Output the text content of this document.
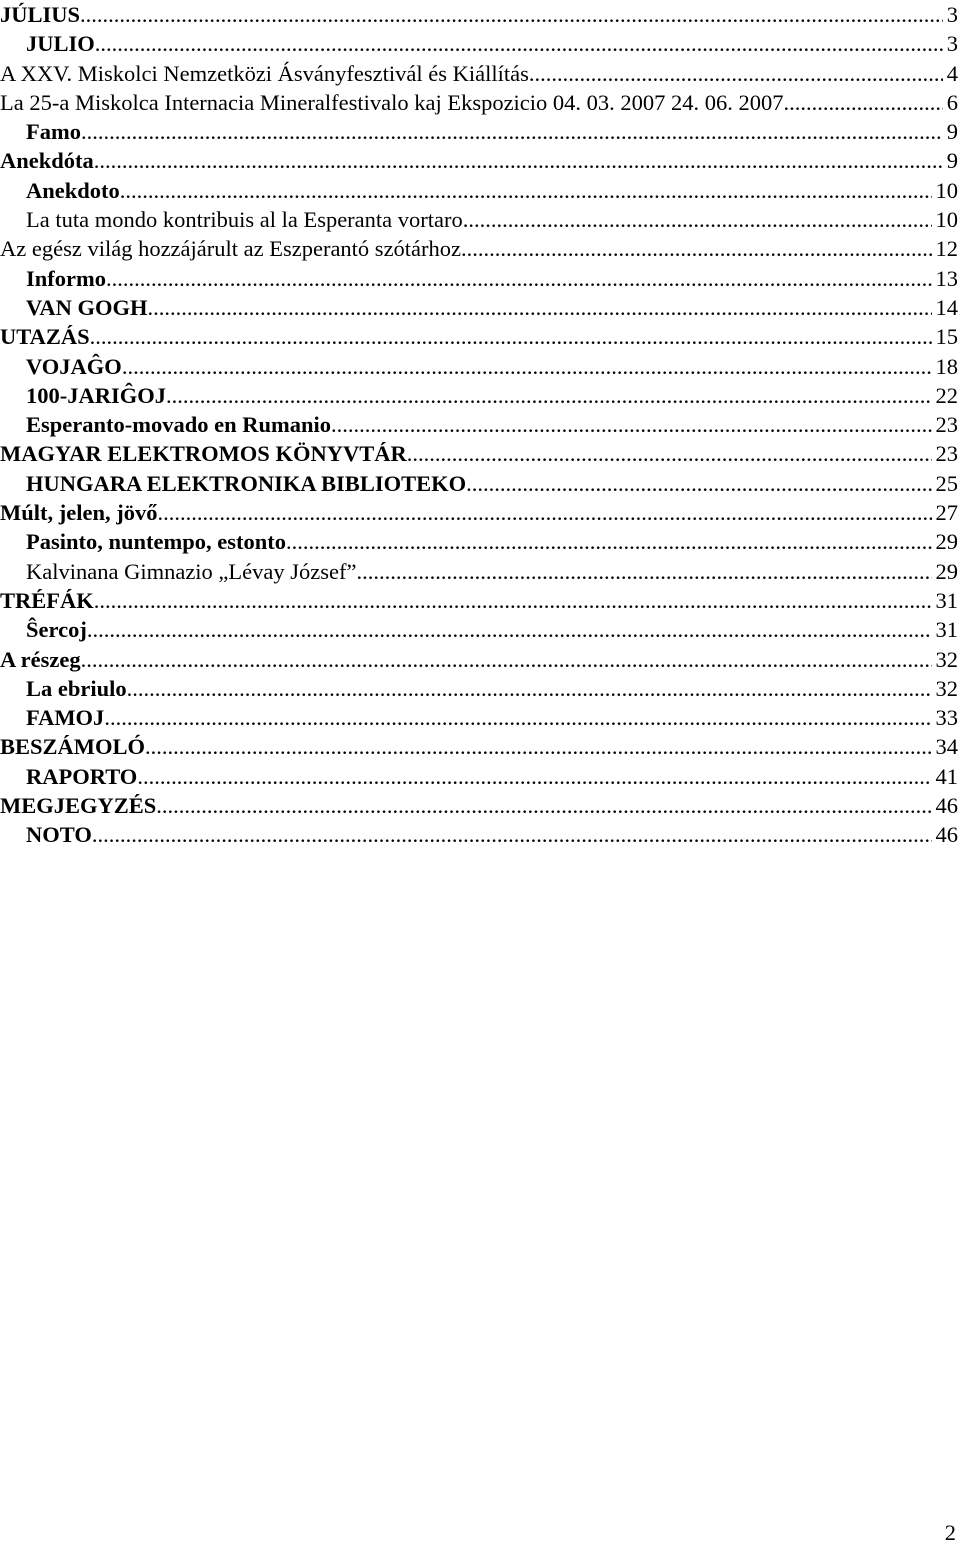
JÚLIUS .....	3
JULIO .....	3
A XXV. Miskolci Nemzetközi Ásványfesztivál és Kiállítás .....	4
La 25-a Miskolca Internacia Mineralfestivalo kaj Ekspozicio 04. 03. 2007 24. 06. 2007. .....	6
Famo .....	9
Anekdóta .....	9
Anekdoto .....	10
La tuta mondo kontribuis al la Esperanta vortaro .....	10
Az egész világ hozzájárult az Eszperantó szótárhoz .....	12
Informo .....	13
VAN GOGH .....	14
UTAZÁS .....	15
VOJAĜO .....	18
100-JARIĜOJ .....	22
Esperanto-movado en Rumanio .....	23
MAGYAR ELEKTROMOS KÖNYVTÁR .....	23
HUNGARA ELEKTRONIKA BIBLIOTEKO .....	25
Múlt, jelen, jövő .....	27
Pasinto, nuntempo, estonto .....	29
Kalvinana Gimnazio „Lévay József” .....	29
TRÉFÁK .....	31
Ŝercoj .....	31
A részeg .....	32
La ebriulo .....	32
FAMOJ .....	33
BESZÁMOLÓ .....	34
RAPORTO .....	41
MEGJEGYZÉS .....	46
NOTO .....	46
2
